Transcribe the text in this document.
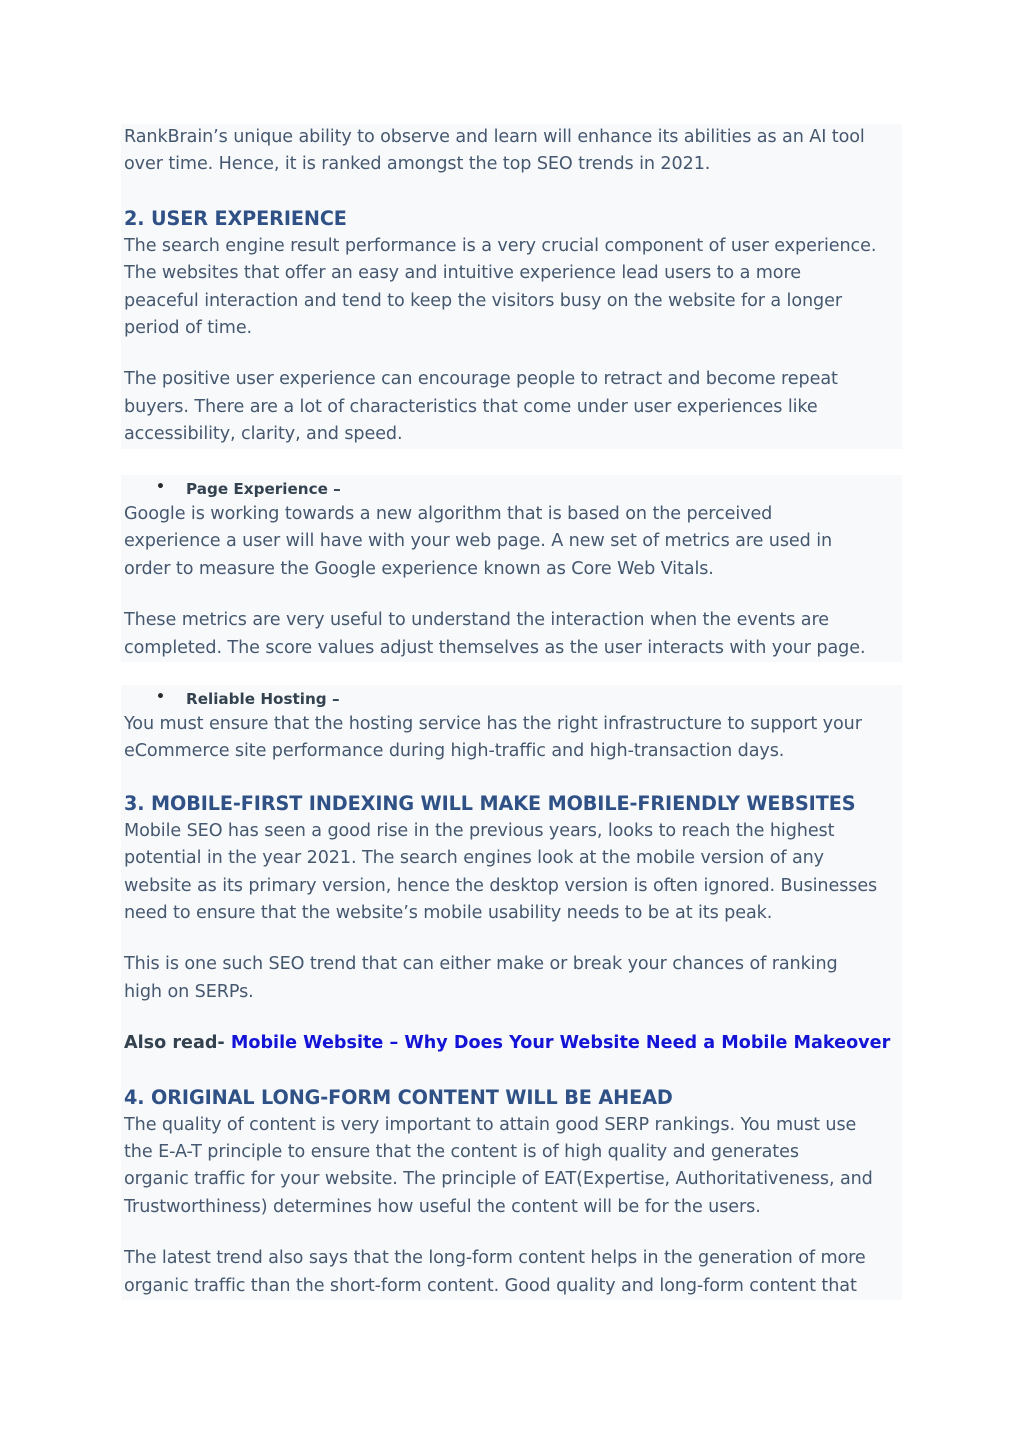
RankBrain’s unique ability to observe and learn will enhance its abilities as an AI tool
over time. Hence, it is ranked amongst the top SEO trends in 2021.

2. USER EXPERIENCE

The search engine result performance is a very crucial component of user experience.
The websites that offer an easy and intuitive experience lead users to a more
peaceful interaction and tend to keep the visitors busy on the website for a longer
period of time.

The positive user experience can encourage people to retract and become repeat
buyers. There are a lot of characteristics that come under user experiences like
accessibility, clarity, and speed.

• Page Experience –

Google is working towards a new algorithm that is based on the perceived
experience a user will have with your web page. A new set of metrics are used in
order to measure the Google experience known as Core Web Vitals.

These metrics are very useful to understand the interaction when the events are
completed. The score values adjust themselves as the user interacts with your page.

• Reliable Hosting –

You must ensure that the hosting service has the right infrastructure to support your
eCommerce site performance during high-traffic and high-transaction days.

3. MOBILE-FIRST INDEXING WILL MAKE MOBILE-FRIENDLY WEBSITES

Mobile SEO has seen a good rise in the previous years, looks to reach the highest
potential in the year 2021. The search engines look at the mobile version of any
website as its primary version, hence the desktop version is often ignored. Businesses
need to ensure that the website’s mobile usability needs to be at its peak.

This is one such SEO trend that can either make or break your chances of ranking
high on SERPs.

Also read- Mobile Website – Why Does Your Website Need a Mobile Makeover

4. ORIGINAL LONG-FORM CONTENT WILL BE AHEAD

The quality of content is very important to attain good SERP rankings. You must use
the E-A-T principle to ensure that the content is of high quality and generates
organic traffic for your website. The principle of EAT(Expertise, Authoritativeness, and
Trustworthiness) determines how useful the content will be for the users.

The latest trend also says that the long-form content helps in the generation of more
organic traffic than the short-form content. Good quality and long-form content that
